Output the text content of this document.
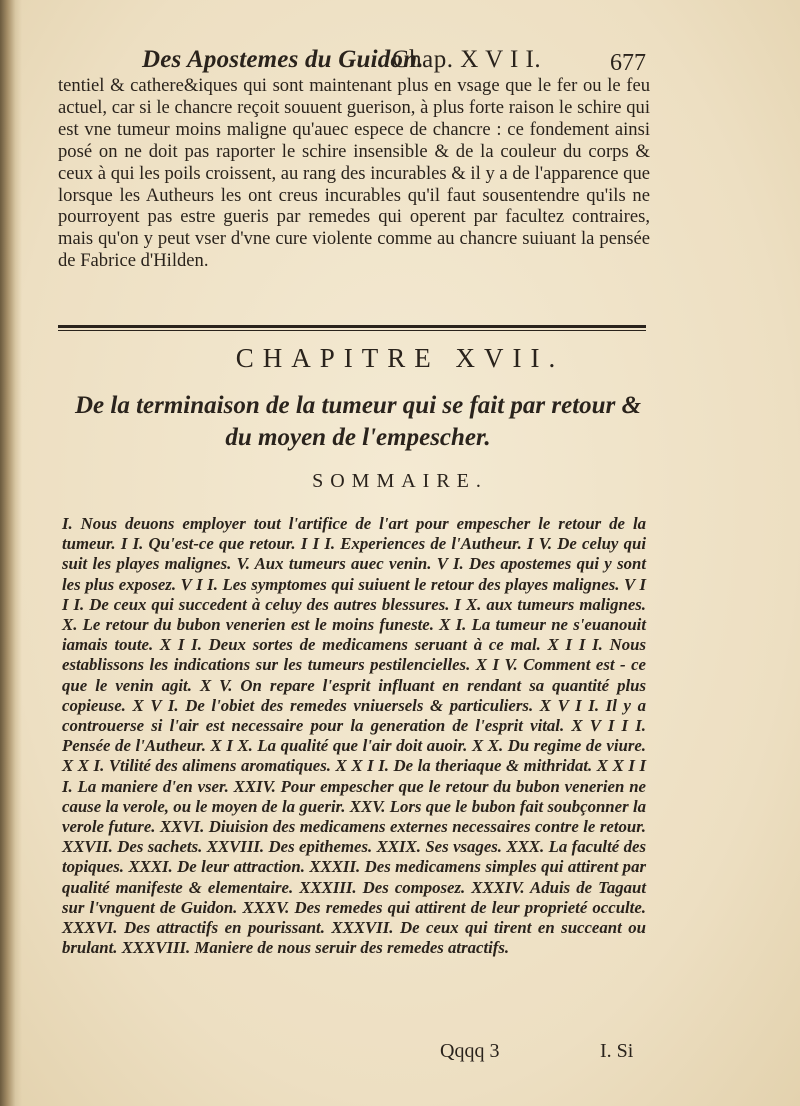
Des Apostemes du Guidon.
Chap. X V I I.	677
tentiel & cathere&iques qui sont maintenant plus en vsage que le fer ou le feu actuel, car si le chancre reçoit souuent guerison, à plus forte raison le schire qui est vne tumeur moins maligne qu'auec espece de chancre : ce fondement ainsi posé on ne doit pas raporter le schire insensible & de la couleur du corps & ceux à qui les poils croissent, au rang des incurables & il y a de l'apparence que lorsque les Autheurs les ont creus incurables qu'il faut sousentendre qu'ils ne pourroyent pas estre gueris par remedes qui operent par facultez contraires, mais qu'on y peut vser d'vne cure violente comme au chancre suiuant la pensée de Fabrice d'Hilden.
CHAPITRE XVII.
De la terminaison de la tumeur qui se fait par retour &
du moyen de l'empescher.
SOMMAIRE.
I. Nous deuons employer tout l'artifice de l'art pour empescher le retour de la tumeur. I I. Qu'est-ce que retour. I I I. Experiences de l'Autheur. I V. De celuy qui suit les playes malignes. V. Aux tumeurs auec venin. V I. Des apostemes qui y sont les plus exposez. V I I. Les symptomes qui suiuent le retour des playes malignes. V I I I. De ceux qui succedent à celuy des autres blessures. I X. aux tumeurs malignes. X. Le retour du bubon venerien est le moins funeste. X I. La tumeur ne s'euanouit iamais toute. X I I. Deux sortes de medicamens seruant à ce mal. X I I I. Nous establissons les indications sur les tumeurs pestilencielles. X I V. Comment est - ce que le venin agit. X V. On repare l'esprit influant en rendant sa quantité plus copieuse. X V I. De l'obiet des remedes vniuersels & particuliers. X V I I. Il y a controuerse si l'air est necessaire pour la generation de l'esprit vital. X V I I I. Pensée de l'Autheur. X I X. La qualité que l'air doit auoir. X X. Du regime de viure. X X I. Vtilité des alimens aromatiques. X X I I. De la theriaque & mithridat. X X I I I. La maniere d'en vser. XXIV. Pour empescher que le retour du bubon venerien ne cause la verole, ou le moyen de la guerir. XXV. Lors que le bubon fait soubçonner la verole future. XXVI. Diuision des medicamens externes necessaires contre le retour. XXVII. Des sachets. XXVIII. Des epithemes. XXIX. Ses vsages. XXX. La faculté des topiques. XXXI. De leur attraction. XXXII. Des medicamens simples qui attirent par qualité manifeste & elementaire. XXXIII. Des composez. XXXIV. Aduis de Tagaut sur l'vnguent de Guidon. XXXV. Des remedes qui attirent de leur proprieté occulte. XXXVI. Des attractifs en pourissant. XXXVII. De ceux qui tirent en succeant ou brulant. XXXVIII. Maniere de nous seruir des remedes atractifs.
Qqqq 3	I. Si
